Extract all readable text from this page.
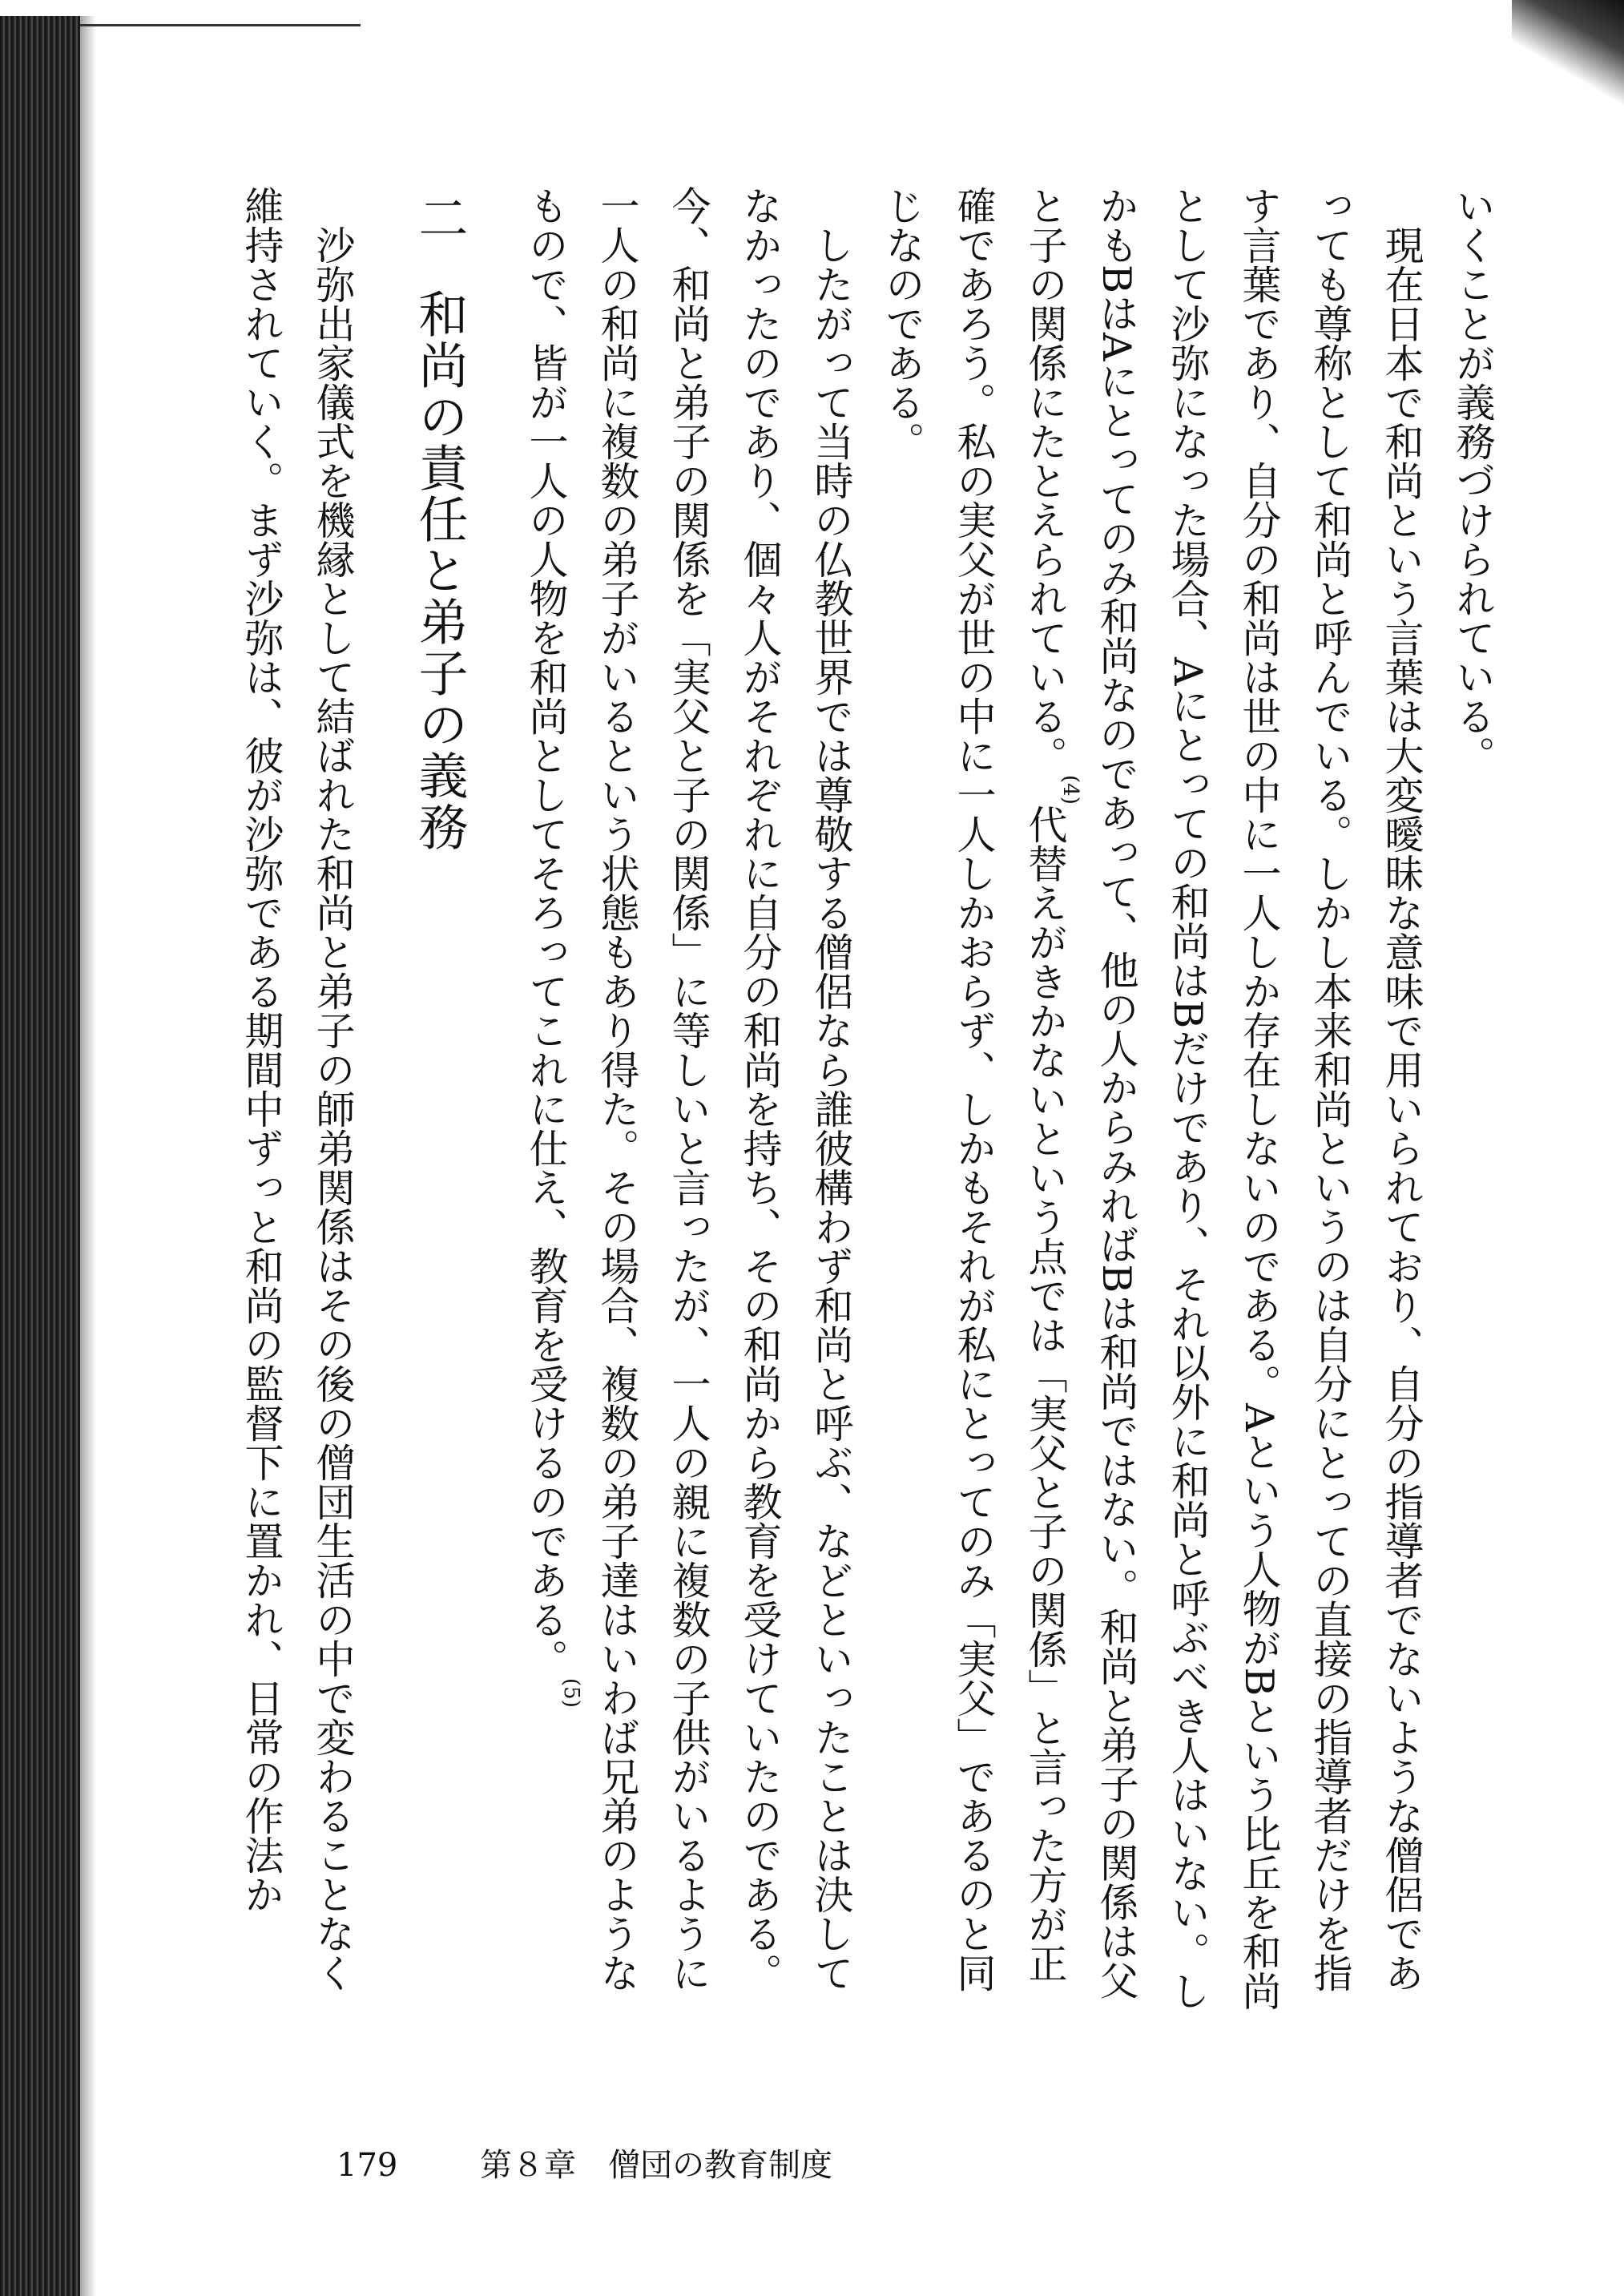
いくことが義務づけられている。

現在日本で和尚という言葉は大変曖昧な意味で用いられており、自分の指導者でないような僧侶であっても尊称として和尚と呼んでいる。しかし本来和尚というのは自分にとっての直接の指導者だけを指す言葉であり、自分の和尚は世の中に一人しか存在しないのである。Aという人物がBという比丘を和尚として沙弥になった場合、Aにとっての和尚はBだけであり、それ以外に和尚と呼ぶべき人はいない。しかもBはAにとってのみ和尚なのであって、他の人からみればBは和尚ではない。和尚と弟子の関係は父と子の関係にたとえられている。$^{(4)}$代替えがきかないという点では「実父と子の関係」と言った方が正確であろう。私の実父が世の中に一人しかおらず、しかもそれが私にとってのみ「実父」であるのと同じなのである。

したがって当時の仏教世界では尊敬する僧侶なら誰彼構わず和尚と呼ぶ、などといったことは決してなかったのであり、個々人がそれぞれに自分の和尚を持ち、その和尚から教育を受けていたのである。今、和尚と弟子の関係を「実父と子の関係」に等しいと言ったが、一人の親に複数の子供がいるように一人の和尚に複数の弟子がいるという状態もあり得た。その場合、複数の弟子達はいわば兄弟のようなもので、皆が一人の人物を和尚としてそろってこれに仕え、教育を受けるのである。$^{(5)}$

二和尚の責任と弟子の義務

沙弥出家儀式を機縁として結ばれた和尚と弟子の師弟関係はその後の僧団生活の中で変わることなく維持されていく。まず沙弥は、彼が沙弥である期間中ずっと和尚の監督下に置かれ、日常の作法か

179	第８章　僧団の教育制度
